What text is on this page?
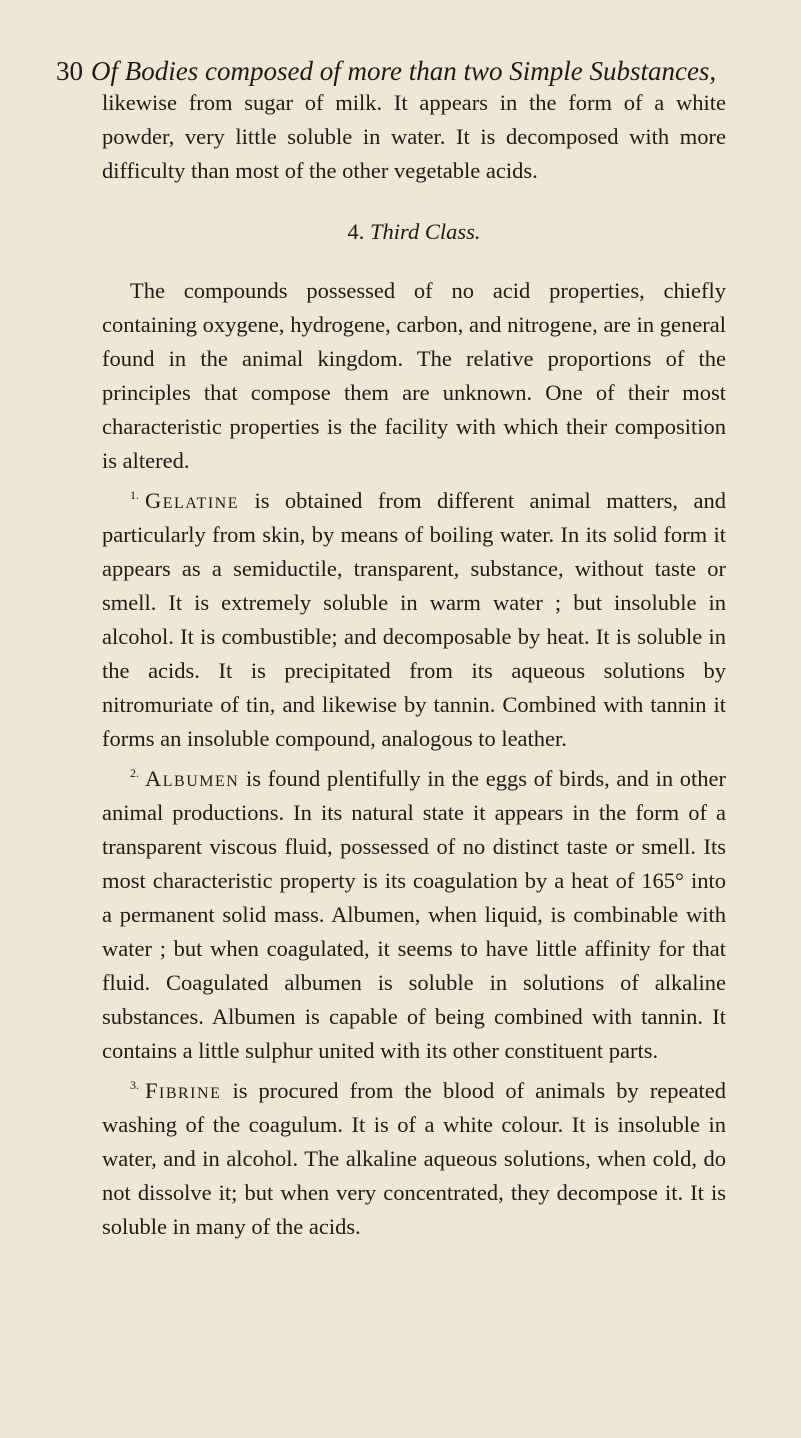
30 Of Bodies composed of more than two Simple Substances,

likewise from sugar of milk. It appears in the form of a white powder, very little soluble in water. It is decomposed with more difficulty than most of the other vegetable acids.

4. Third Class.

The compounds possessed of no acid properties, chiefly containing oxygene, hydrogene, carbon, and nitrogene, are in general found in the animal kingdom. The relative proportions of the principles that compose them are unknown. One of their most characteristic properties is the facility with which their composition is altered.

$^{1.}$ Gelatine is obtained from different animal matters, and particularly from skin, by means of boiling water. In its solid form it appears as a semiductile, transparent, substance, without taste or smell. It is extremely soluble in warm water ; but insoluble in alcohol. It is combustible; and decomposable by heat. It is soluble in the acids. It is precipitated from its aqueous solutions by nitromuriate of tin, and likewise by tannin. Combined with tannin it forms an insoluble compound, analogous to leather.

$^{2.}$ Albumen is found plentifully in the eggs of birds, and in other animal productions. In its natural state it appears in the form of a transparent viscous fluid, possessed of no distinct taste or smell. Its most characteristic property is its coagulation by a heat of 165° into a permanent solid mass. Albumen, when liquid, is combinable with water ; but when coagulated, it seems to have little affinity for that fluid. Coagulated albumen is soluble in solutions of alkaline substances. Albumen is capable of being combined with tannin. It contains a little sulphur united with its other constituent parts.

$^{3.}$ Fibrine is procured from the blood of animals by repeated washing of the coagulum. It is of a white colour. It is insoluble in water, and in alcohol. The alkaline aqueous solutions, when cold, do not dissolve it; but when very concentrated, they decompose it. It is soluble in many of the acids.
